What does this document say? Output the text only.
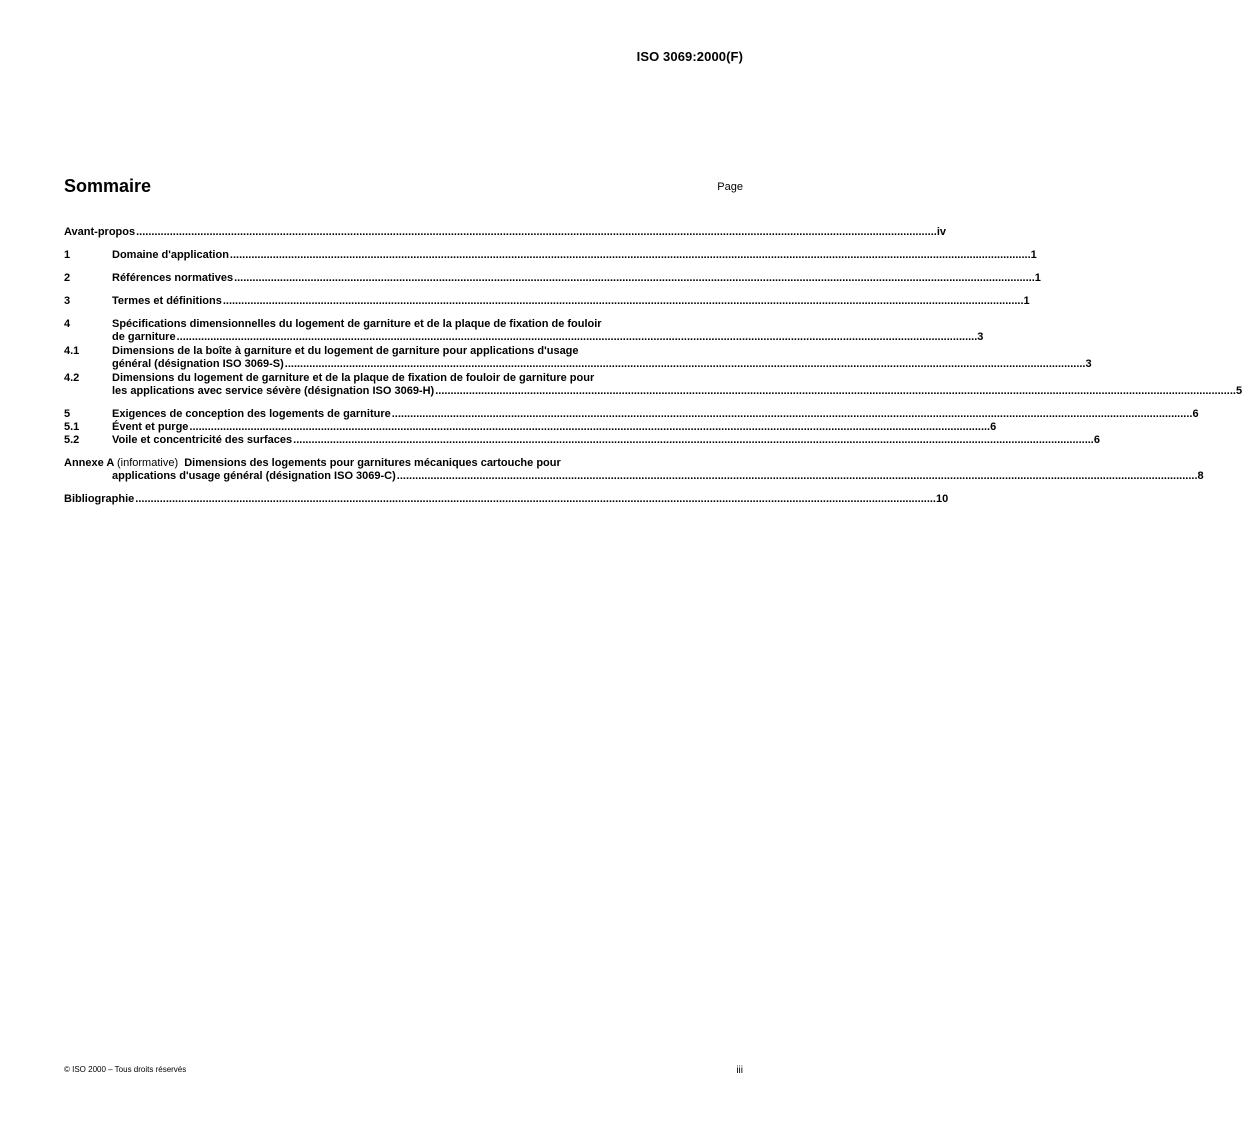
ISO 3069:2000(F)
Sommaire	Page
Avant-propos .....	iv
1	Domaine d'application .....	1
2	Références normatives .....	1
3	Termes et définitions .....	1
4	Spécifications dimensionnelles du logement de garniture et de la plaque de fixation de fouloir
de garniture .....	3
4.1	Dimensions de la boîte à garniture et du logement de garniture pour applications d'usage
général (désignation ISO 3069-S) .....	3
4.2	Dimensions du logement de garniture et de la plaque de fixation de fouloir de garniture pour
les applications avec service sévère (désignation ISO 3069-H) .....	5
5	Exigences de conception des logements de garniture .....	6
5.1	Évent et purge .....	6
5.2	Voile et concentricité des surfaces .....	6
Annexe A (informative) Dimensions des logements pour garnitures mécaniques cartouche pour
applications d'usage général (désignation ISO 3069-C) .....	8
Bibliographie .....	10
© ISO 2000 – Tous droits réservés	iii
